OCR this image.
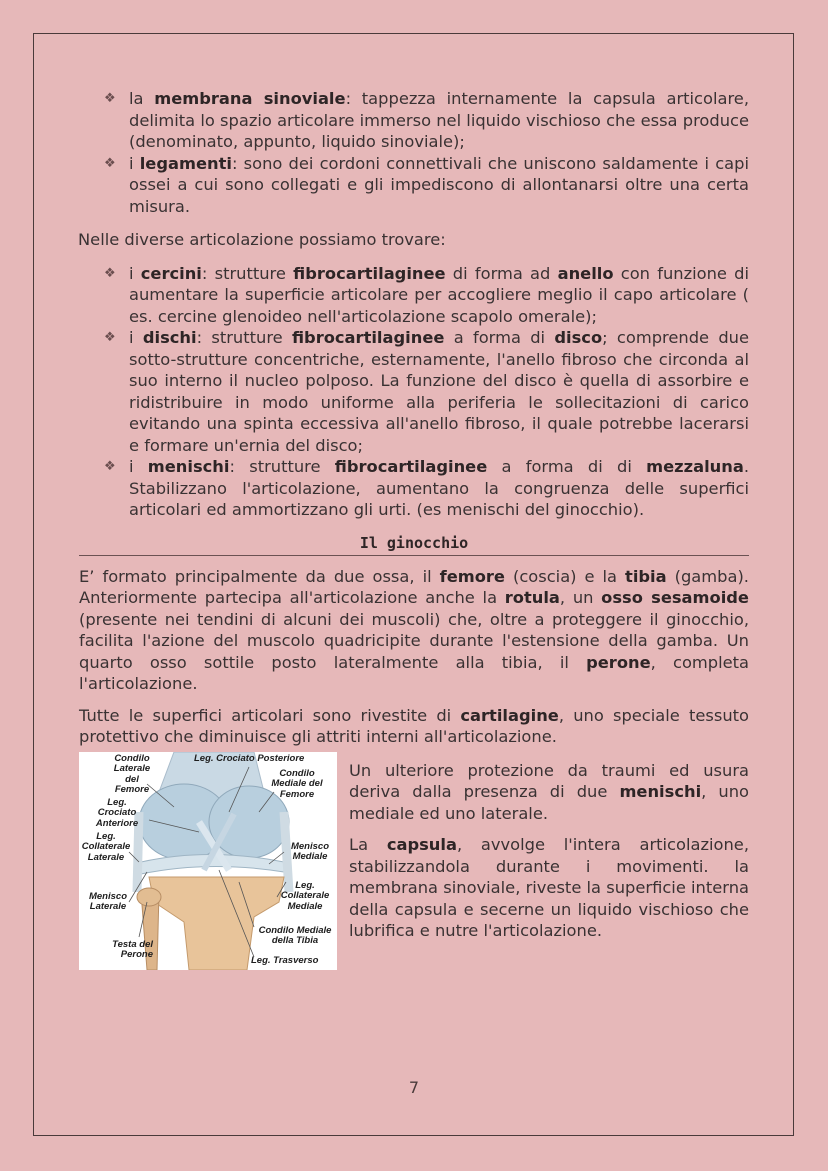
❖ la membrana sinoviale: tappezza internamente la capsula articolare, delimita lo spazio articolare immerso nel liquido vischioso che essa produce (denominato, appunto, liquido sinoviale);
❖ i legamenti: sono dei cordoni connettivali che uniscono saldamente i capi ossei a cui sono collegati e gli impediscono di allontanarsi oltre una certa misura.

Nelle diverse articolazione possiamo trovare:

❖ i cercini: strutture fibrocartilaginee di forma ad anello con funzione di aumentare la superficie articolare per accogliere meglio il capo articolare ( es. cercine glenoideo nell'articolazione scapolo omerale);
❖ i dischi: strutture fibrocartilaginee a forma di disco; comprende due sotto-strutture concentriche, esternamente, l'anello fibroso che circonda al suo interno il nucleo polposo. La funzione del disco è quella di assorbire e ridistribuire in modo uniforme alla periferia le sollecitazioni di carico evitando una spinta eccessiva all'anello fibroso, il quale potrebbe lacerarsi e formare un'ernia del disco;
❖ i menischi: strutture fibrocartilaginee a forma di di mezzaluna. Stabilizzano l'articolazione, aumentano la congruenza delle superfici articolari ed ammortizzano gli urti. (es menischi del ginocchio).
Il ginocchio

E’ formato principalmente da due ossa, il femore (coscia) e la tibia (gamba). Anteriormente partecipa all'articolazione anche la rotula, un osso sesamoide (presente nei tendini di alcuni dei muscoli) che, oltre a proteggere il ginocchio, facilita l'azione del muscolo quadricipite durante l'estensione della gamba. Un quarto osso sottile posto lateralmente alla tibia, il perone, completa l'articolazione.

Tutte le superfici articolari sono rivestite di cartilagine, uno speciale tessuto protettivo che diminuisce gli attriti interni all'articolazione.

Condilo Laterale del Femore
Leg. Crociato Posteriore
Condilo Mediale del Femore
Leg. Crociato Anteriore
Leg. Collaterale Laterale
Menisco Mediale
Leg. Collaterale Mediale
Menisco Laterale
Condilo Mediale della Tibia
Testa del Perone	Leg. Trasverso

Un ulteriore protezione da traumi ed usura deriva dalla presenza di due menischi, uno mediale ed uno laterale.

La capsula, avvolge l'intera articolazione, stabilizzandola durante i movimenti. la membrana sinoviale, riveste la superficie interna della capsula e secerne un liquido vischioso che lubrifica e nutre l'articolazione.

7
